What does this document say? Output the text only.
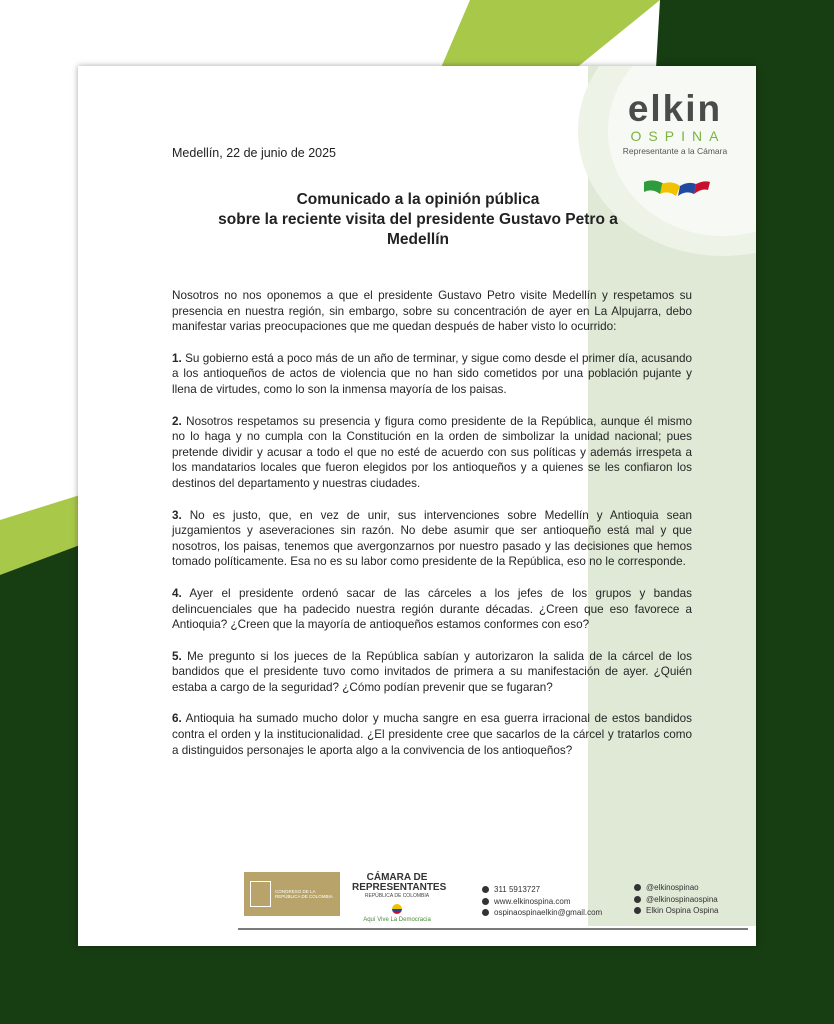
elkin
OSPINA
Representante a la Cámara
Medellín, 22 de junio de 2025
Comunicado a la opinión pública
sobre la reciente visita del presidente Gustavo Petro a
Medellín

Nosotros no nos oponemos a que el presidente Gustavo Petro visite Medellín y respetamos su presencia en nuestra región, sin embargo, sobre su concentración de ayer en La Alpujarra, debo manifestar varias preocupaciones que me quedan después de haber visto lo ocurrido:

1. Su gobierno está a poco más de un año de terminar, y sigue como desde el primer día, acusando a los antioqueños de actos de violencia que no han sido cometidos por una población pujante y llena de virtudes, como lo son la inmensa mayoría de los paisas.

2. Nosotros respetamos su presencia y figura como presidente de la República, aunque él mismo no lo haga y no cumpla con la Constitución en la orden de simbolizar la unidad nacional; pues pretende dividir y acusar a todo el que no esté de acuerdo con sus políticas y además irrespeta a los mandatarios locales que fueron elegidos por los antioqueños y a quienes se les confiaron los destinos del departamento y nuestras ciudades.

3. No es justo, que, en vez de unir, sus intervenciones sobre Medellín y Antioquia sean juzgamientos y aseveraciones sin razón. No debe asumir que ser antioqueño está mal y que nosotros, los paisas, tenemos que avergonzarnos por nuestro pasado y las decisiones que hemos tomado políticamente. Esa no es su labor como presidente de la República, eso no le corresponde.

4. Ayer el presidente ordenó sacar de las cárceles a los jefes de los grupos y bandas delincuenciales que ha padecido nuestra región durante décadas. ¿Creen que eso favorece a Antioquia? ¿Creen que la mayoría de antioqueños estamos conformes con eso?

5. Me pregunto si los jueces de la República sabían y autorizaron la salida de la cárcel de los bandidos que el presidente tuvo como invitados de primera a su manifestación de ayer. ¿Quién estaba a cargo de la seguridad? ¿Cómo podían prevenir que se fugaran?

6. Antioquia ha sumado mucho dolor y mucha sangre en esa guerra irracional de estos bandidos contra el orden y la institucionalidad. ¿El presidente cree que sacarlos de la cárcel y tratarlos como a distinguidos personajes le aporta algo a la convivencia de los antioqueños?

CONGRESO DE LA REPÚBLICA DE COLOMBIA
CÁMARA DE REPRESENTANTES
REPÚBLICA DE COLOMBIA
Aquí Vive La Democracia
311 5913727
www.elkinospina.com
ospinaospinaelkin@gmail.com
@elkinospinao
@elkinospinaospina
Elkin Ospina Ospina
